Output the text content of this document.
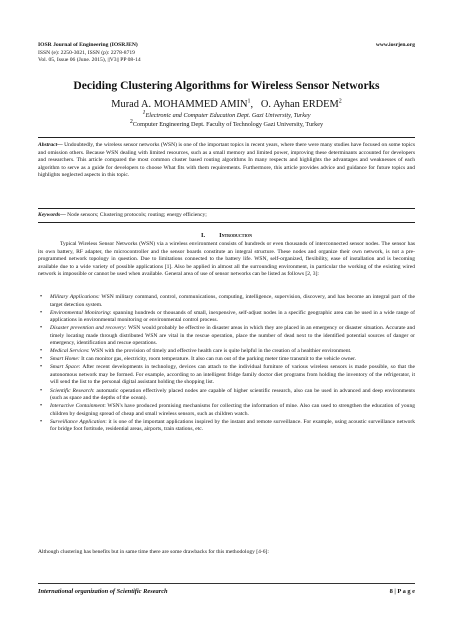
IOSR Journal of Engineering (IOSRJEN)
ISSN (e): 2250-3021, ISSN (p): 2278-8719
Vol. 05, Issue 06 (June. 2015), ||V3|| PP 08-14
www.iosrjen.org
Deciding Clustering Algorithms for Wireless Sensor Networks
Murad A. MOHAMMED AMIN$^1$,   O. Ayhan ERDEM$^2$
$^1$Electronic and Computer Education Dept. Gazi University, Turkey
$^2$Computer Engineering Dept. Faculty of Technology Gazi University, Turkey
Abstract— Undoubtedly, the wireless sensor networks (WSN) is one of the important topics in recent years, where there were many studies have focused on some topics and omission others. Because WSN dealing with limited resources, such as a small memory and limited power, improving these determinants accounted for developers and researchers. This article compared the most common cluster based routing algorithms In many respects and highlights the advantages and weaknesses of each algorithm to serve as a guide for developers to choose What fits with them requirements. Furthermore, this article provides advice and guidance for future topics and highlights neglected aspects in this topic.
Keywords— Node sensors; Clustering protocols; routing; energy efficiency;
I. Introduction
Typical Wireless Sensor Networks (WSN) via a wireless environment consists of hundreds or even thousands of interconnected sensor nodes. The sensor has its own battery, RF adapter, the microcontroller and the sensor boards constitute an integral structure. These nodes and organize their own network, is not a pre-programmed network topology in question. Due to limitations connected to the battery life. WSN, self-organized, flexibility, ease of installation and is becoming available due to a wide variety of possible applications [1]. Also be applied in almost all the surrounding environment, in particular the working of the existing wired network is impossible or cannot be used when available. General area of use of sensor networks can be listed as follows [2, 3]:
• Military Applications: WSN military command, control, communications, computing, intelligence, supervision, discovery, and has become an integral part of the target detection system.
• Environmental Monitoring: spanning hundreds or thousands of small, inexpensive, self-adjust nodes in a specific geographic area can be used in a wide range of applications in environmental monitoring or environmental control process.
• Disaster prevention and recovery: WSN would probably be effective in disaster areas in which they are placed in an emergency or disaster situation. Accurate and timely locating made through distributed WSN are vital in the rescue operation, place the number of dead next to the identified potential sources of danger or emergency, identification and rescue operations.
• Medical Services: WSN with the provision of timely and effective health care is quite helpful in the creation of a healthier environment.
• Smart Home: It can monitor gas, electricity, room temperature. It also can run out of the parking meter time transmit to the vehicle owner.
• Smart Space: After recent developments in technology, devices can attach to the individual furniture of various wireless sensors is made possible, so that the autonomous network may be formed. For example, according to an intelligent fridge family doctor diet programs from holding the inventory of the refrigerator, it will send the list to the personal digital assistant holding the shopping list.
• Scientific Research: automatic operation effectively placed nodes are capable of higher scientific research, also can be used in advanced and deep environments (such as space and the depths of the ocean).
• Interactive Containment: WSN's have produced promising mechanisms for collecting the information of mine. Also can used to strengthen the education of young children by designing spread of cheap and small wireless sensors, such as children watch.
• Surveillance Application: it is one of the important applications inspired by the instant and remote surveillance. For example, using acoustic surveillance network for bridge foot fortitude, residential areas, airports, train stations, etc.
Although clustering has benefits but in same time there are some drawbacks for this methodology [4-6]:
International organization of Scientific Research	8 | P a g e
